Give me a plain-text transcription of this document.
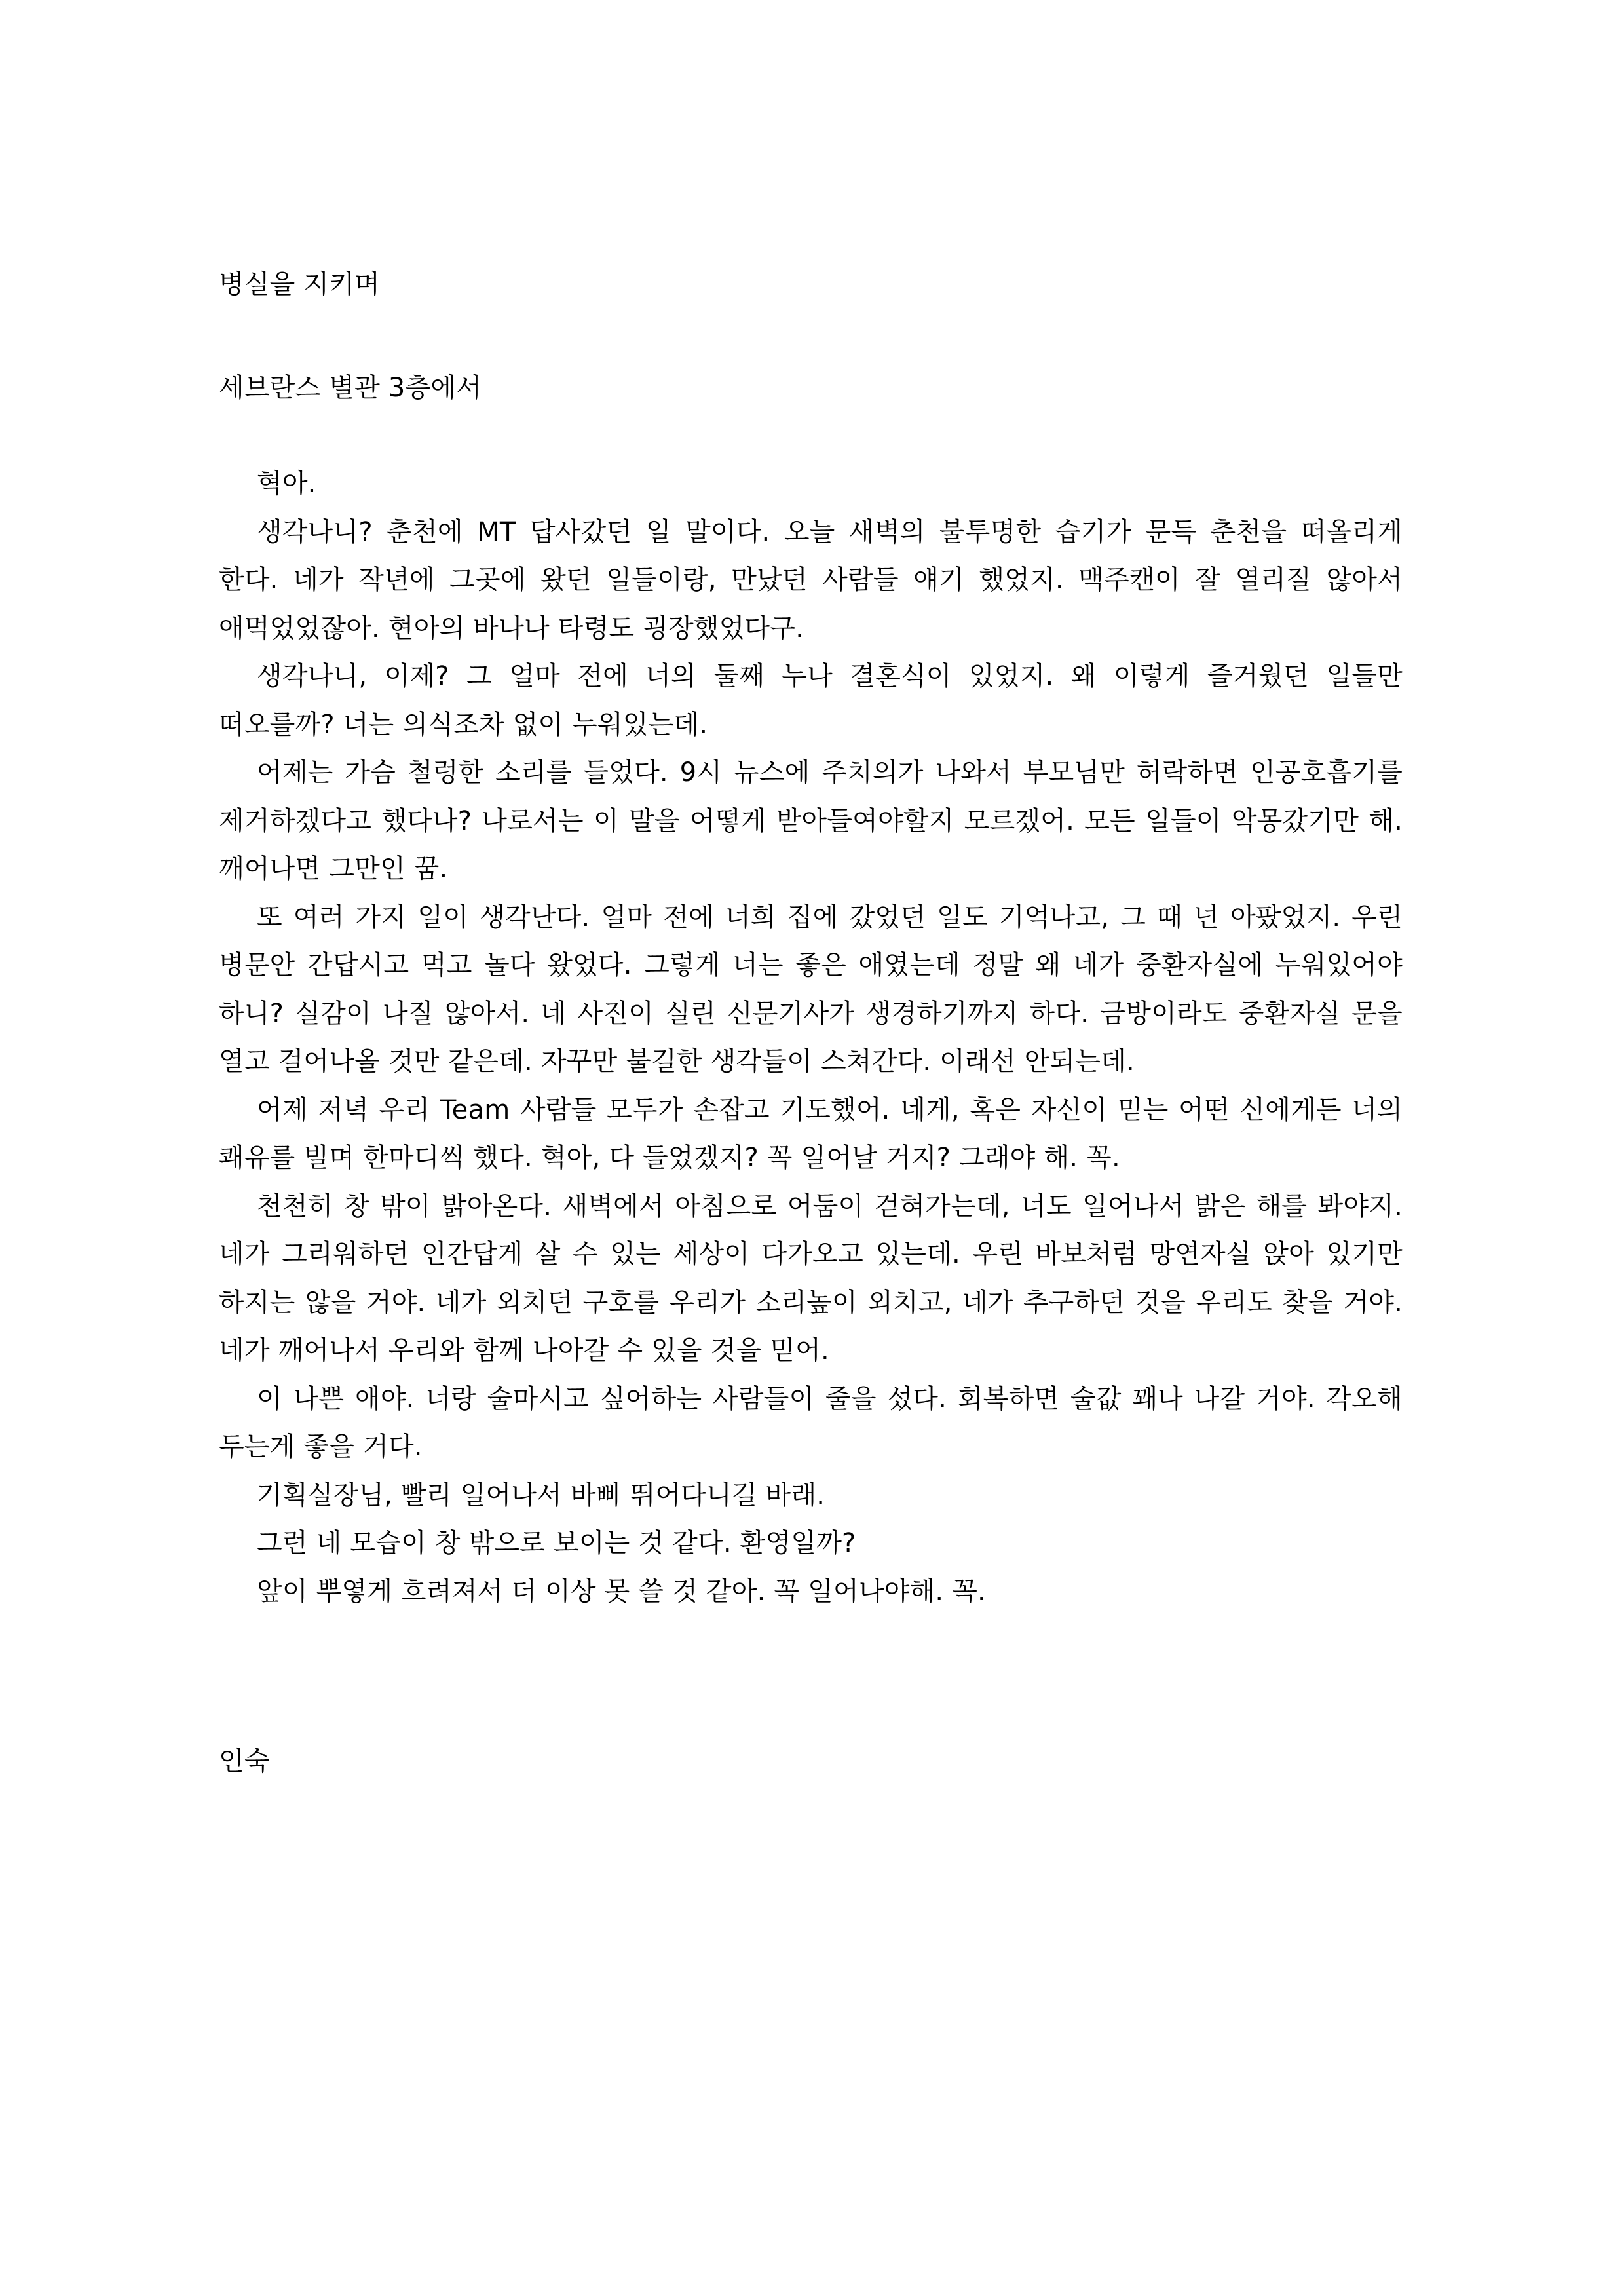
병실을 지키며
세브란스 별관 3층에서

혁아.

생각나니? 춘천에 MT 답사갔던 일 말이다. 오늘 새벽의 불투명한 습기가 문득 춘천을 떠올리게 한다. 네가 작년에 그곳에 왔던 일들이랑, 만났던 사람들 얘기 했었지. 맥주캔이 잘 열리질 않아서 애먹었었잖아. 현아의 바나나 타령도 굉장했었다구.

생각나니, 이제? 그 얼마 전에 너의 둘째 누나 결혼식이 있었지. 왜 이렇게 즐거웠던 일들만 떠오를까? 너는 의식조차 없이 누워있는데.

어제는 가슴 철렁한 소리를 들었다. 9시 뉴스에 주치의가 나와서 부모님만 허락하면 인공호흡기를 제거하겠다고 했다나? 나로서는 이 말을 어떻게 받아들여야할지 모르겠어. 모든 일들이 악몽갔기만 해. 깨어나면 그만인 꿈.

또 여러 가지 일이 생각난다. 얼마 전에 너희 집에 갔었던 일도 기억나고, 그 때 넌 아팠었지. 우린 병문안 간답시고 먹고 놀다 왔었다. 그렇게 너는 좋은 애였는데 정말 왜 네가 중환자실에 누워있어야 하니? 실감이 나질 않아서. 네 사진이 실린 신문기사가 생경하기까지 하다. 금방이라도 중환자실 문을 열고 걸어나올 것만 같은데. 자꾸만 불길한 생각들이 스쳐간다. 이래선 안되는데.

어제 저녁 우리 Team 사람들 모두가 손잡고 기도했어. 네게, 혹은 자신이 믿는 어떤 신에게든 너의 쾌유를 빌며 한마디씩 했다. 혁아, 다 들었겠지? 꼭 일어날 거지? 그래야 해. 꼭.

천천히 창 밖이 밝아온다. 새벽에서 아침으로 어둠이 걷혀가는데, 너도 일어나서 밝은 해를 봐야지. 네가 그리워하던 인간답게 살 수 있는 세상이 다가오고 있는데. 우린 바보처럼 망연자실 앉아 있기만 하지는 않을 거야. 네가 외치던 구호를 우리가 소리높이 외치고, 네가 추구하던 것을 우리도 찾을 거야. 네가 깨어나서 우리와 함께 나아갈 수 있을 것을 믿어.

이 나쁜 애야. 너랑 술마시고 싶어하는 사람들이 줄을 섰다. 회복하면 술값 꽤나 나갈 거야. 각오해 두는게 좋을 거다.

기획실장님, 빨리 일어나서 바삐 뛰어다니길 바래.

그런 네 모습이 창 밖으로 보이는 것 같다. 환영일까?

앞이 뿌옇게 흐려져서 더 이상 못 쓸 것 같아. 꼭 일어나야해. 꼭.

인숙
